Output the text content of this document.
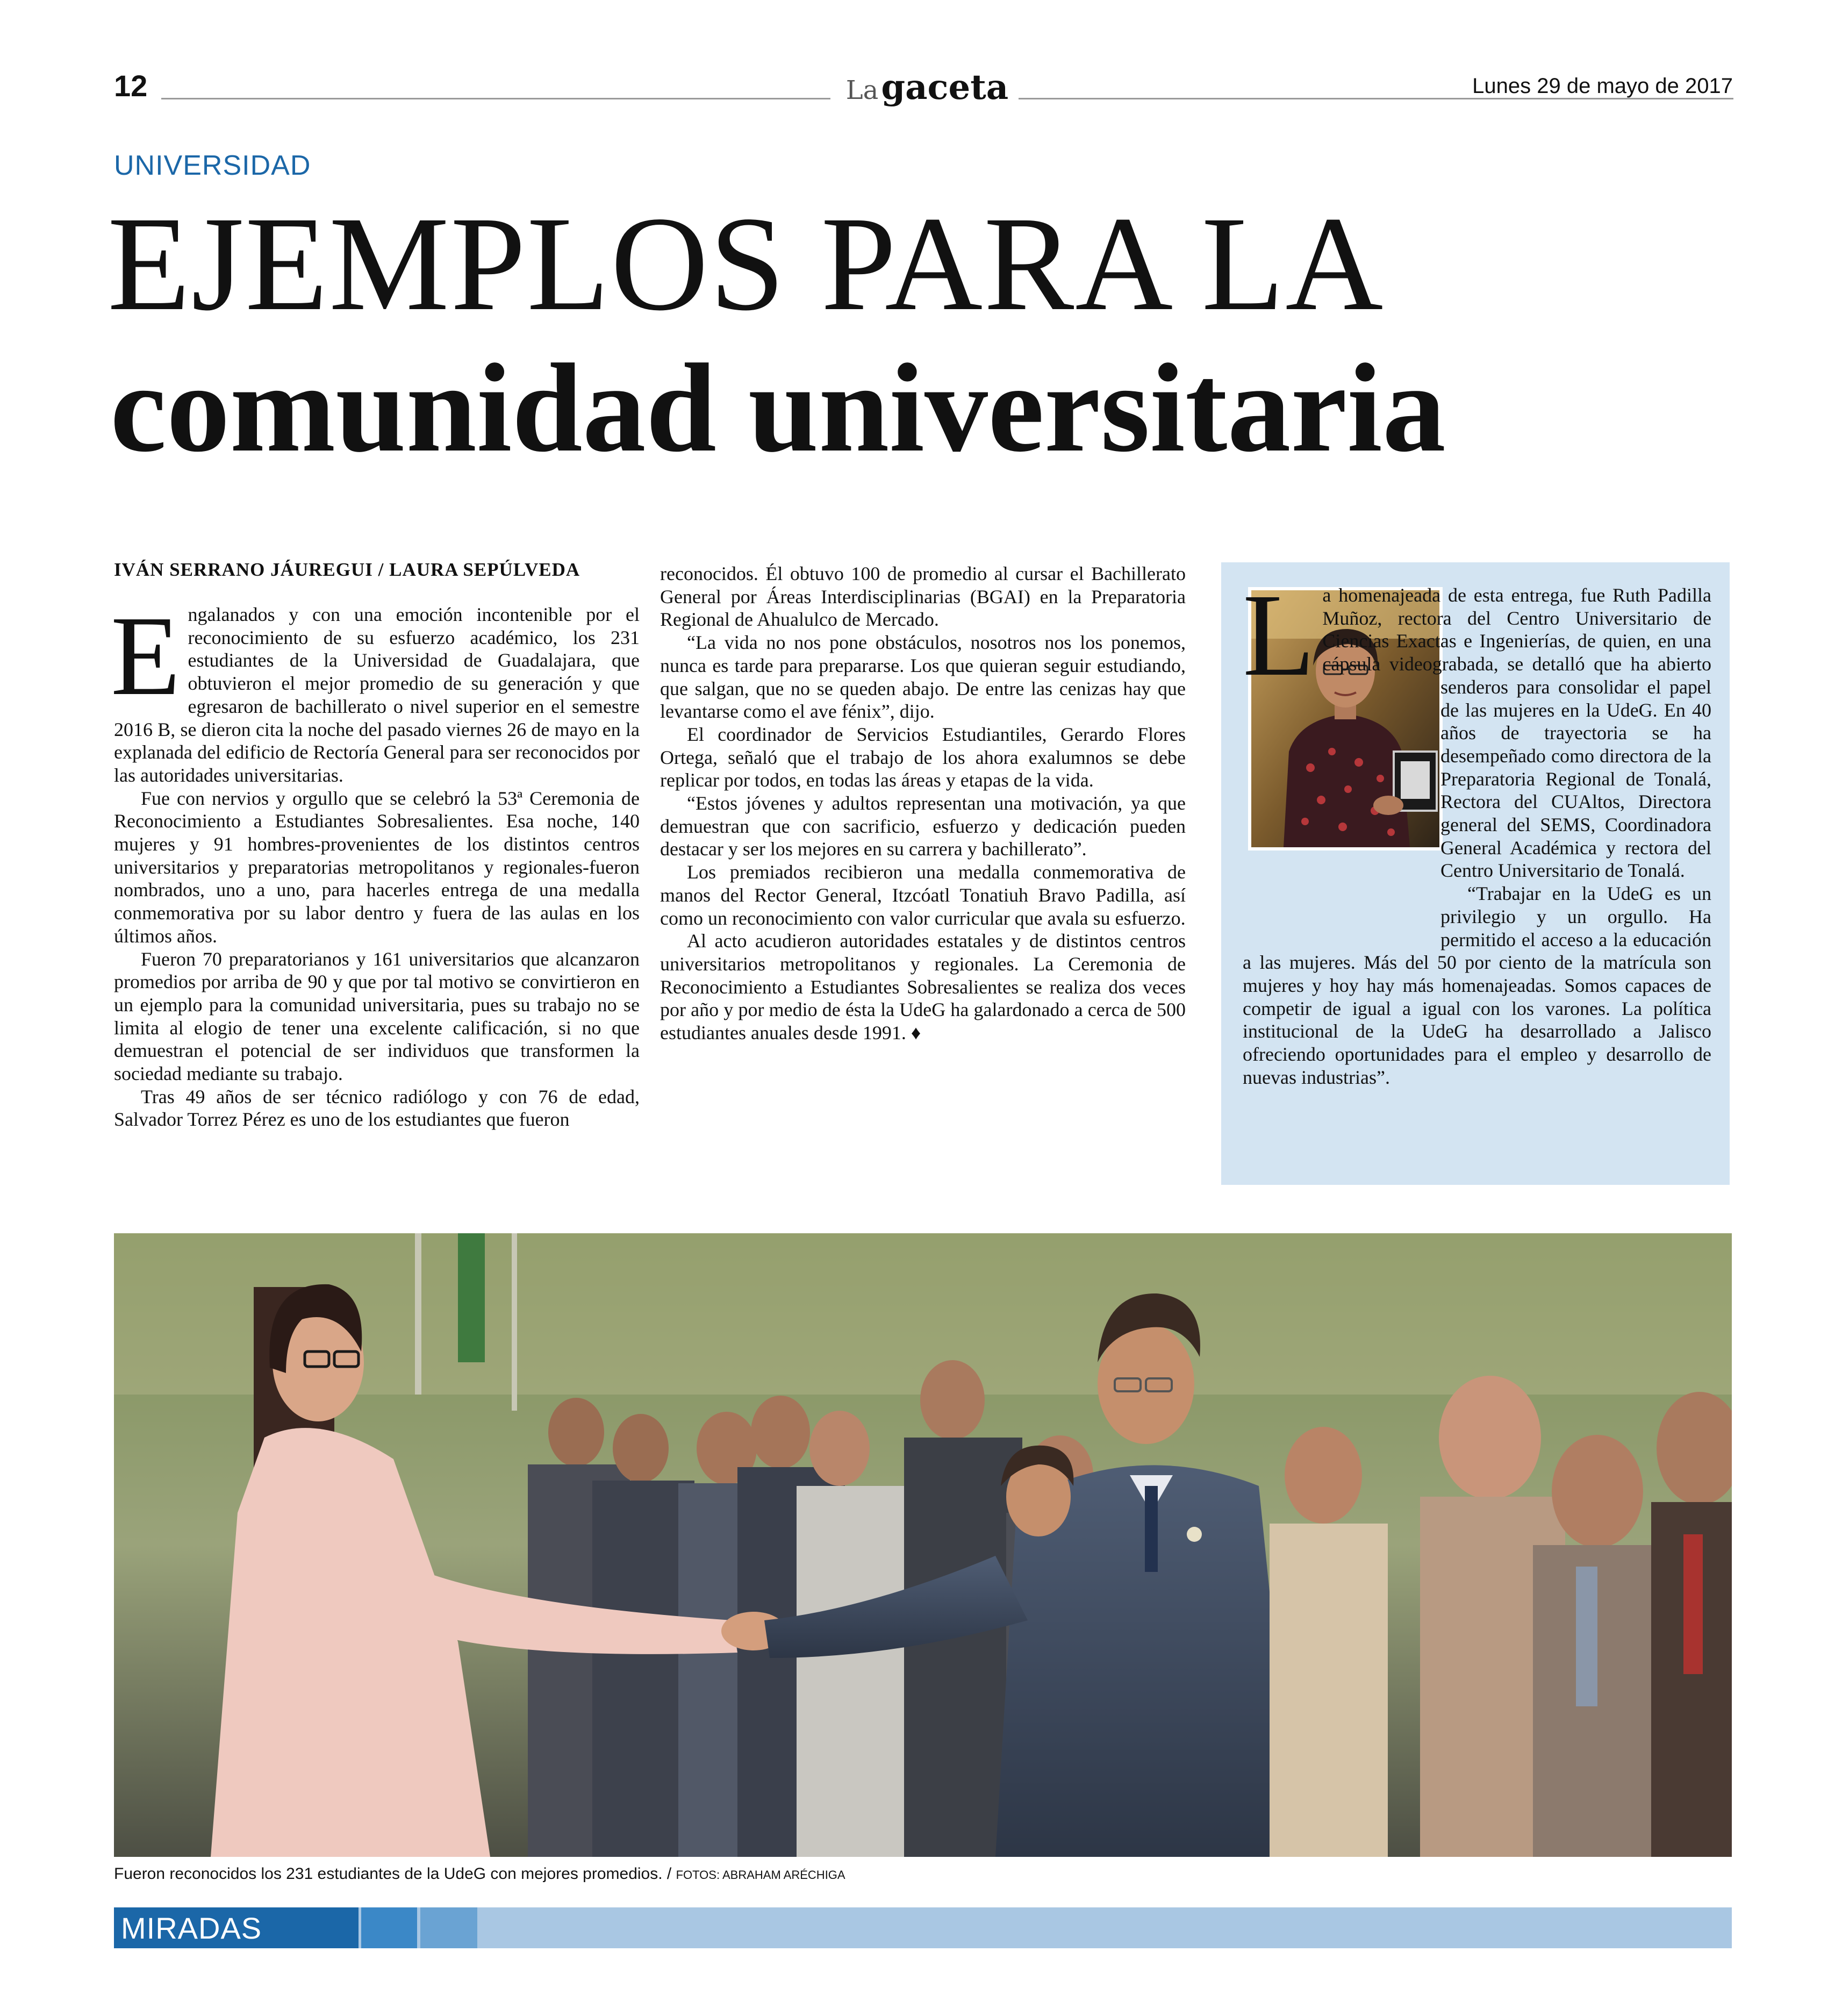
12	La gaceta	Lunes 29 de mayo de 2017
UNIVERSIDAD
EJEMPLOS PARA LA
comunidad universitaria
IVÁN SERRANO JÁUREGUI / LAURA SEPÚLVEDA

Engalanados y con una emoción incontenible por el reconocimiento de su esfuerzo académico, los 231 estudiantes de la Universidad de Guadalajara, que obtuvieron el mejor promedio de su generación y que egresaron de bachillerato o nivel superior en el semestre 2016 B, se dieron cita la noche del pasado viernes 26 de mayo en la explanada del edificio de Rectoría General para ser reconocidos por las autoridades universitarias.

Fue con nervios y orgullo que se celebró la 53ª Ceremonia de Reconocimiento a Estudiantes Sobresalientes. Esa noche, 140 mujeres y 91 hombres-provenientes de los distintos centros universitarios y preparatorias metropolitanos y regionales-fueron nombrados, uno a uno, para hacerles entrega de una medalla conmemorativa por su labor dentro y fuera de las aulas en los últimos años.

Fueron 70 preparatorianos y 161 universitarios que alcanzaron promedios por arriba de 90 y que por tal motivo se convirtieron en un ejemplo para la comunidad universitaria, pues su trabajo no se limita al elogio de tener una excelente calificación, si no que demuestran el potencial de ser individuos que transformen la sociedad mediante su trabajo.

Tras 49 años de ser técnico radiólogo y con 76 de edad, Salvador Torrez Pérez es uno de los estudiantes que fueron

reconocidos. Él obtuvo 100 de promedio al cursar el Bachillerato General por Áreas Interdisciplinarias (BGAI) en la Preparatoria Regional de Ahualulco de Mercado.

“La vida no nos pone obstáculos, nosotros nos los ponemos, nunca es tarde para prepararse. Los que quieran seguir estudiando, que salgan, que no se queden abajo. De entre las cenizas hay que levantarse como el ave fénix”, dijo.

El coordinador de Servicios Estudiantiles, Gerardo Flores Ortega, señaló que el trabajo de los ahora exalumnos se debe replicar por todos, en todas las áreas y etapas de la vida.

“Estos jóvenes y adultos representan una motivación, ya que demuestran que con sacrificio, esfuerzo y dedicación pueden destacar y ser los mejores en su carrera y bachillerato”.

Los premiados recibieron una medalla conmemorativa de manos del Rector General, Itzcóatl Tonatiuh Bravo Padilla, así como un reconocimiento con valor curricular que avala su esfuerzo.

Al acto acudieron autoridades estatales y de distintos centros universitarios metropolitanos y regionales. La Ceremonia de Reconocimiento a Estudiantes Sobresalientes se realiza dos veces por año y por medio de ésta la UdeG ha galardonado a cerca de 500 estudiantes anuales desde 1991. ♦

L a homenajeada de esta entrega, fue Ruth Padilla Muñoz, rectora del Centro Universitario de Ciencias Exactas e Ingenierías, de quien, en una cápsula videograbada, se detalló que ha abierto senderos para consolidar el papel de las mujeres en la UdeG. En 40 años de trayectoria se ha desempeñado como directora de la Preparatoria Regional de Tonalá, Rectora del CUAltos, Directora general del SEMS, Coordinadora General Académica y rectora del Centro Universitario de Tonalá.

“Trabajar en la UdeG es un privilegio y un orgullo. Ha permitido el acceso a la educación a las mujeres. Más del 50 por ciento de la matrícula son mujeres y hoy hay más homenajeadas. Somos capaces de competir de igual a igual con los varones. La política institucional de la UdeG ha desarrollado a Jalisco ofreciendo oportunidades para el empleo y desarrollo de nuevas industrias”.

Fueron reconocidos los 231 estudiantes de la UdeG con mejores promedios. / FOTOS: ABRAHAM ARÉCHIGA
MIRADAS
